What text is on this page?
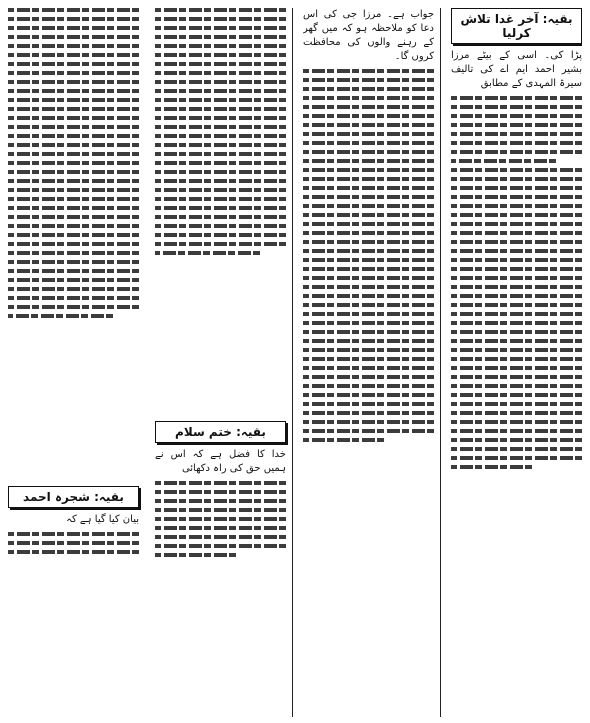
بقیہ: آخر غدا تلاش کرلیا
پڑا کی۔ اسی کے بیٹے مرزا بشیر احمد ایم اے کی تالیف سیرۃ المہدی کے مطابق
جواب ہے۔ مرزا جی کی اس دعا کو ملاحظہ ہو کہ میں گھر کے رہنے والوں کی محافظت کروں گا۔
بقیہ: ختم سلام
خدا کا فضل ہے کہ اس نے ہمیں حق کی راہ دکھائی
بقیہ: شجرہ احمد
بیان کیا گیا ہے کہ
